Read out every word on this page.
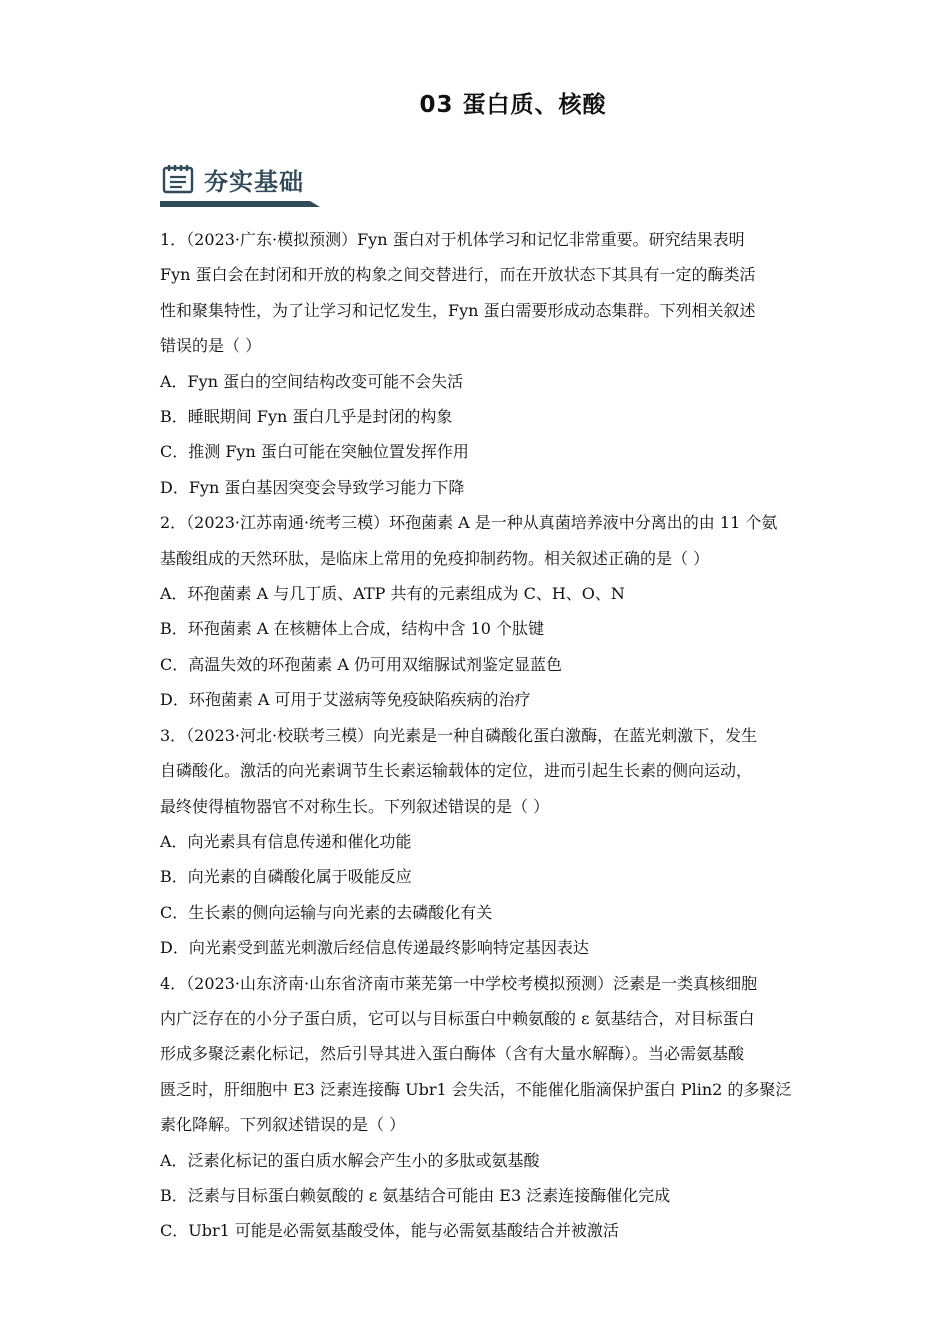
03 蛋白质、核酸
夯实基础

1．（2023·广东·模拟预测）Fyn 蛋白对于机体学习和记忆非常重要。研究结果表明

Fyn 蛋白会在封闭和开放的构象之间交替进行，而在开放状态下其具有一定的酶类活

性和聚集特性，为了让学习和记忆发生，Fyn 蛋白需要形成动态集群。下列相关叙述

错误的是（ ）

A．Fyn 蛋白的空间结构改变可能不会失活

B．睡眠期间 Fyn 蛋白几乎是封闭的构象

C．推测 Fyn 蛋白可能在突触位置发挥作用

D．Fyn 蛋白基因突变会导致学习能力下降

2．（2023·江苏南通·统考三模）环孢菌素 A 是一种从真菌培养液中分离出的由 11 个氨

基酸组成的天然环肽，是临床上常用的免疫抑制药物。相关叙述正确的是（ ）

A．环孢菌素 A 与几丁质、ATP 共有的元素组成为 C、H、O、N

B．环孢菌素 A 在核糖体上合成，结构中含 10 个肽键

C．高温失效的环孢菌素 A 仍可用双缩脲试剂鉴定显蓝色

D．环孢菌素 A 可用于艾滋病等免疫缺陷疾病的治疗

3．（2023·河北·校联考三模）向光素是一种自磷酸化蛋白激酶，在蓝光刺激下，发生

自磷酸化。激活的向光素调节生长素运输载体的定位，进而引起生长素的侧向运动，

最终使得植物器官不对称生长。下列叙述错误的是（ ）

A．向光素具有信息传递和催化功能

B．向光素的自磷酸化属于吸能反应

C．生长素的侧向运输与向光素的去磷酸化有关

D．向光素受到蓝光刺激后经信息传递最终影响特定基因表达

4．（2023·山东济南·山东省济南市莱芜第一中学校考模拟预测）泛素是一类真核细胞

内广泛存在的小分子蛋白质，它可以与目标蛋白中赖氨酸的 ε 氨基结合，对目标蛋白

形成多聚泛素化标记，然后引导其进入蛋白酶体（含有大量水解酶）。当必需氨基酸

匮乏时，肝细胞中 E3 泛素连接酶 Ubr1 会失活，不能催化脂滴保护蛋白 Plin2 的多聚泛

素化降解。下列叙述错误的是（ ）

A．泛素化标记的蛋白质水解会产生小的多肽或氨基酸

B．泛素与目标蛋白赖氨酸的 ε 氨基结合可能由 E3 泛素连接酶催化完成

C．Ubr1 可能是必需氨基酸受体，能与必需氨基酸结合并被激活
